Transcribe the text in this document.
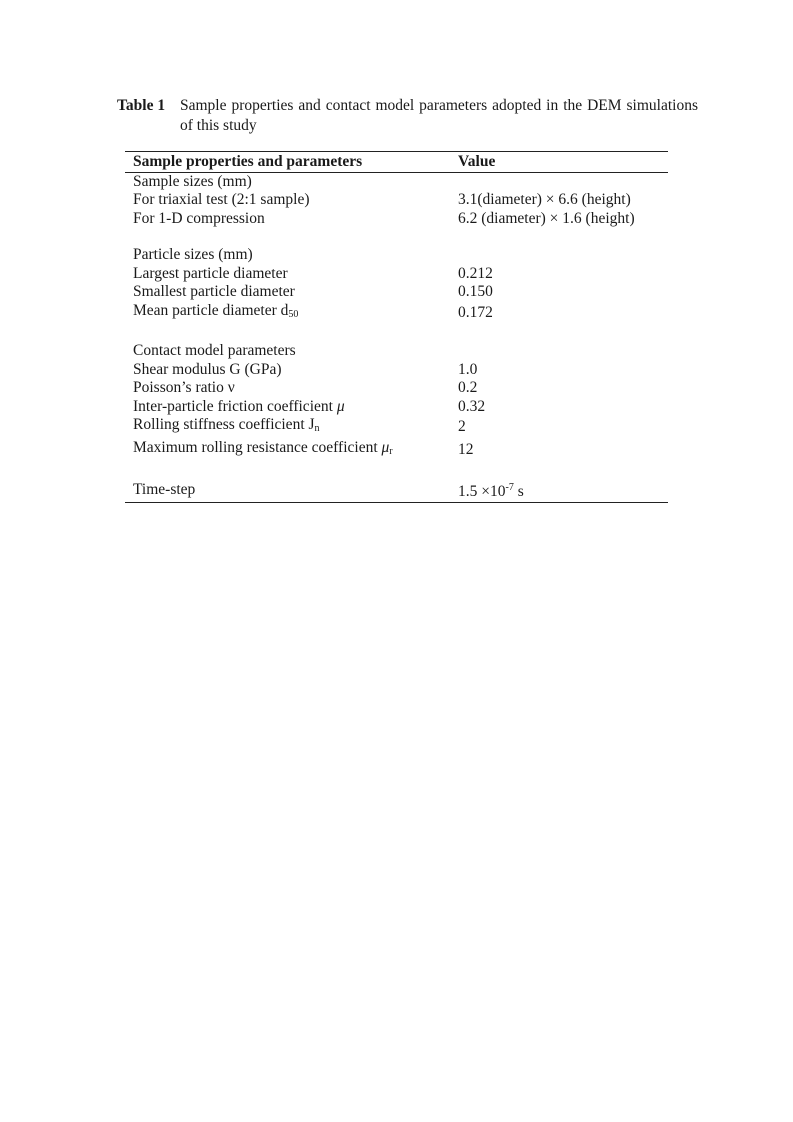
Table 1 Sample properties and contact model parameters adopted in the DEM simulations of this study
Sample properties and parameters	Value
Sample sizes (mm)	
For triaxial test (2:1 sample)	3.1(diameter) × 6.6 (height)
For 1-D compression	6.2 (diameter) × 1.6 (height)

Particle sizes (mm)	
Largest particle diameter	0.212
Smallest particle diameter	0.150
Mean particle diameter $d_{50}$	0.172

Contact model parameters	
Shear modulus G (GPa)	1.0
Poisson’s ratio ν	0.2
Inter-particle friction coefficient μ	0.32
Rolling stiffness coefficient $J_n$	2
Maximum rolling resistance coefficient $\mu_r$	12

Time-step	$1.5 \times 10^{-7}$ s
